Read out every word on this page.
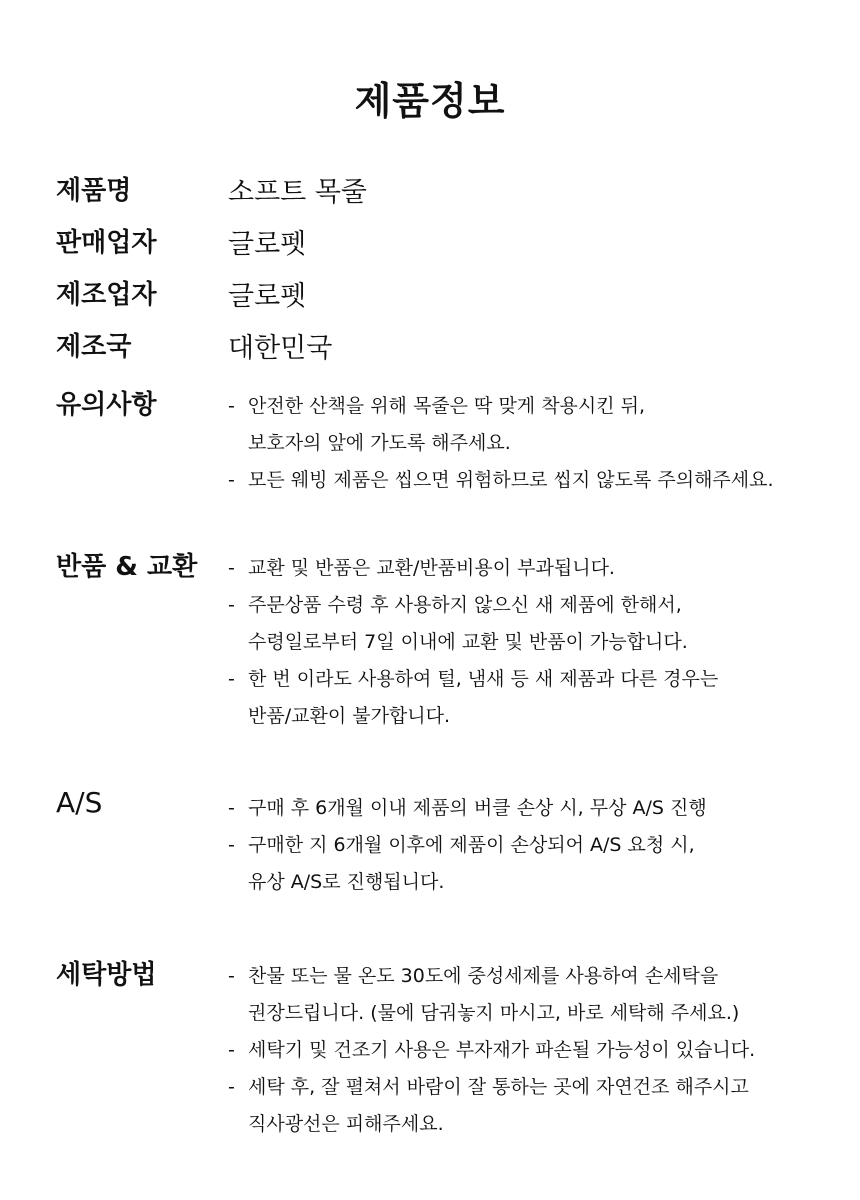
제품정보
제품명	소프트 목줄
판매업자	글로펫
제조업자	글로펫
제조국	대한민국
유의사항	- 안전한 산책을 위해 목줄은 딱 맞게 착용시킨 뒤,
보호자의 앞에 가도록 해주세요.
- 모든 웨빙 제품은 씹으면 위험하므로 씹지 않도록 주의해주세요.
반품 & 교환	- 교환 및 반품은 교환/반품비용이 부과됩니다.
- 주문상품 수령 후 사용하지 않으신 새 제품에 한해서,
수령일로부터 7일 이내에 교환 및 반품이 가능합니다.
- 한 번 이라도 사용하여 털, 냄새 등 새 제품과 다른 경우는
반품/교환이 불가합니다.
A/S	- 구매 후 6개월 이내 제품의 버클 손상 시, 무상 A/S 진행
- 구매한 지 6개월 이후에 제품이 손상되어 A/S 요청 시,
유상 A/S로 진행됩니다.
세탁방법	- 찬물 또는 물 온도 30도에 중성세제를 사용하여 손세탁을
권장드립니다. (물에 담궈놓지 마시고, 바로 세탁해 주세요.)
- 세탁기 및 건조기 사용은 부자재가 파손될 가능성이 있습니다.
- 세탁 후, 잘 펼쳐서 바람이 잘 통하는 곳에 자연건조 해주시고
직사광선은 피해주세요.
